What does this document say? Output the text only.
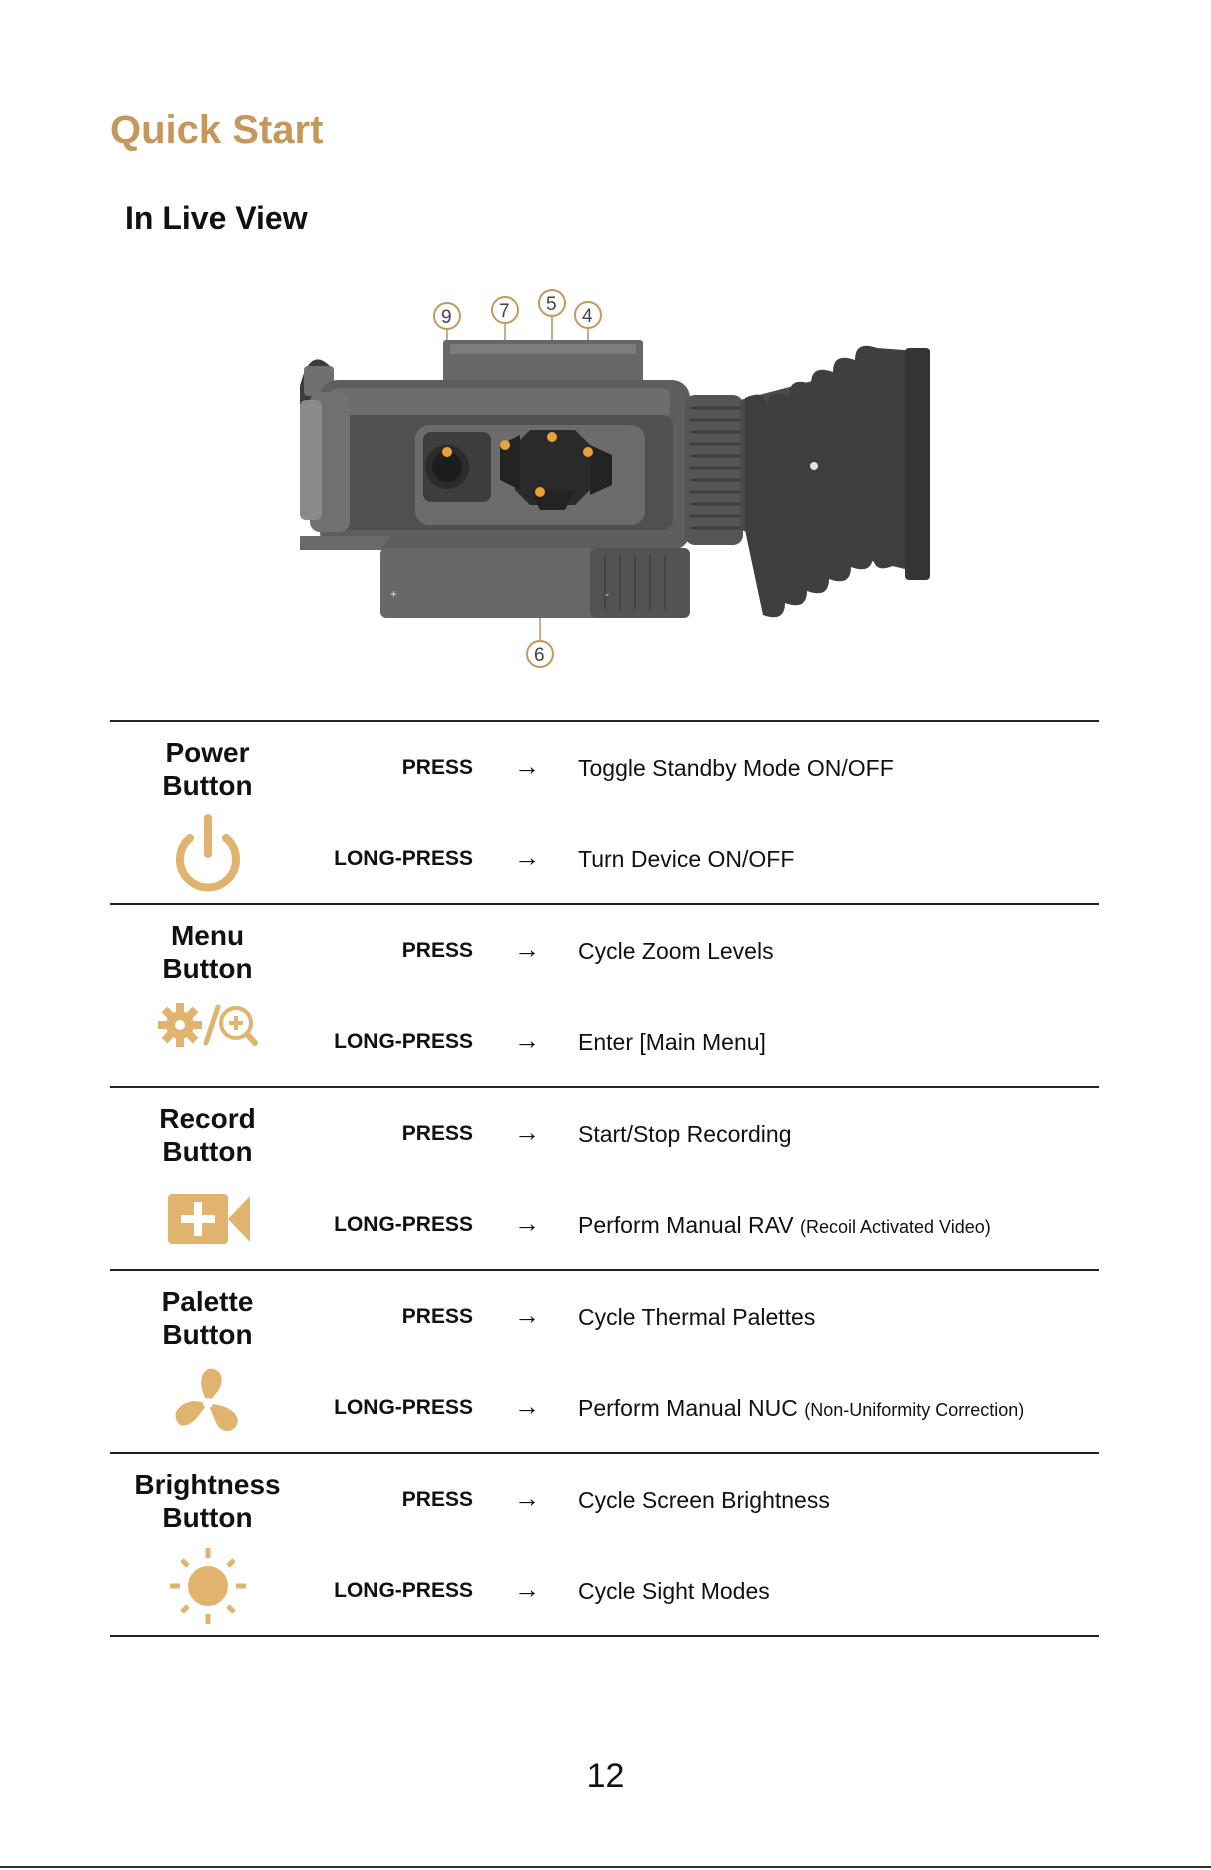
Quick Start
In Live View
+	-
9 7 5
4
6
Power
Button
PRESS → Toggle Standby Mode ON/OFF
LONG-PRESS → Turn Device ON/OFF
Menu
Button
PRESS → Cycle Zoom Levels
LONG-PRESS → Enter [Main Menu]
Record
Button
PRESS → Start/Stop Recording
LONG-PRESS → Perform Manual RAV (Recoil Activated Video)
Palette
Button
PRESS → Cycle Thermal Palettes
LONG-PRESS → Perform Manual NUC (Non-Uniformity Correction)
Brightness
Button
PRESS → Cycle Screen Brightness
LONG-PRESS → Cycle Sight Modes
12
